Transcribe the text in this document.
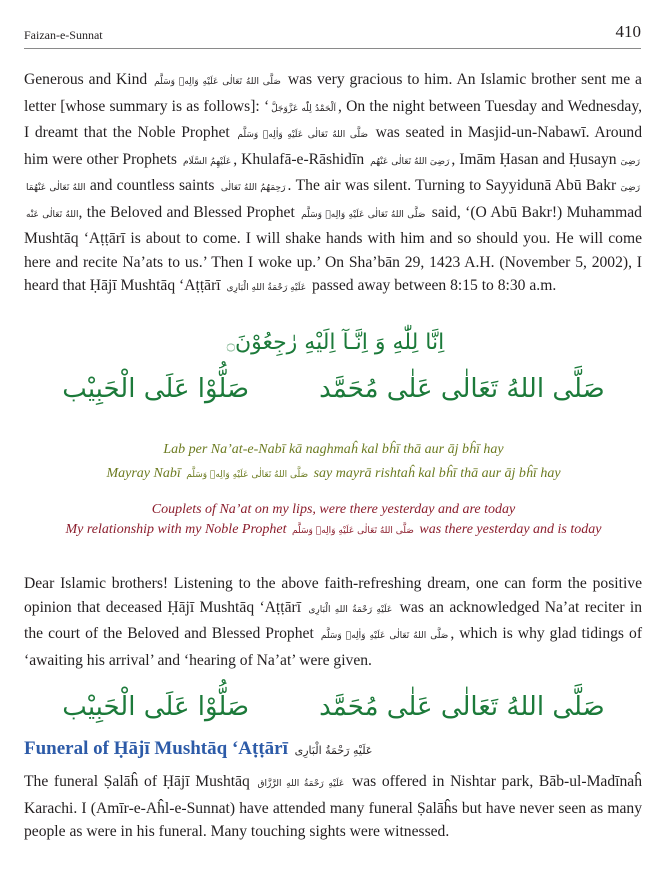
Faizan-e-Sunnat	410
Generous and Kind صَلَّى اللهُ تَعَالٰى عَلَيْهِ وَالِهٖ وَسَلَّم was very gracious to him. An Islamic brother sent me a letter [whose summary is as follows]: ‘ اَلْحَمْدُ لِلّٰه عَزَّوَجَلَّ , On the night between Tuesday and Wednesday, I dreamt that the Noble Prophet صَلَّى اللهُ تَعَالٰى عَلَيْهِ وَاٰلِهٖ وَسَلَّم was seated in Masjid-un-Nabawī. Around him were other Prophets عَلَيْهِمُ السَّلَام , Khulafā-e-Rāshidīn رَضِیَ اللهُ تَعَالٰی عَنْهُم , Imām Ḥasan and Ḥusayn رَضِیَ اللهُ تَعَالٰی عَنْهُمَا and countless saints رَحِمَهُمُ اللهُ تَعَالٰی . The air was silent. Turning to Sayyidunā Abū Bakr رَضِیَ اللهُ تَعَالٰی عَنْه, the Beloved and Blessed Prophet صَلَّى اللهُ تَعَالٰى عَلَيْهِ وَالِهٖ وَسَلَّم said, ‘(O Abū Bakr!) Muhammad Mushtāq ‘Aṭṭārī is about to come. I will shake hands with him and so should you. He will come here and recite Na’ats to us.’ Then I woke up.’ On Sha’bān 29, 1423 A.H. (November 5, 2002), I heard that Ḥājī Mushtāq ‘Aṭṭārī عَلَيْهِ رَحْمَةُ اللهِ الْبَارِی passed away between 8:15 to 8:30 a.m.
اِنَّا لِلّٰهِ وَ اِنَّـآ اِلَيْهِ رٰجِعُوْنَ۝
صَلُّوْا عَلَى الْحَبِيْب	صَلَّى اللهُ تَعَالٰى عَلٰى مُحَمَّد
Lab per Na’at-e-Nabī kā naghmaĥ kal bĥī thā aur āj bĥī hay
Mayray Nabī صَلَّى اللهُ تَعَالٰى عَلَيْهِ وَالِهٖ وَسَلَّم say mayrā rishtaĥ kal bĥī thā aur āj bĥī hay
Couplets of Na’at on my lips, were there yesterday and are today
My relationship with my Noble Prophet صَلَّى اللهُ تَعَالٰى عَلَيْهِ وَالِهٖ وَسَلَّم was there yesterday and is today
Dear Islamic brothers! Listening to the above faith-refreshing dream, one can form the positive opinion that deceased Ḥājī Mushtāq ‘Aṭṭārī عَلَيْهِ رَحْمَةُ اللهِ الْبَارِی was an acknowledged Na’at reciter in the court of the Beloved and Blessed Prophet صَلَّى اللهُ تَعَالٰى عَلَيْهِ وَاٰلِهٖ وَسَلَّم , which is why glad tidings of ‘awaiting his arrival’ and ‘hearing of Na’at’ were given.
صَلُّوْا عَلَى الْحَبِيْب	صَلَّى اللهُ تَعَالٰى عَلٰى مُحَمَّد
Funeral of Ḥājī Mushtāq ‘Aṭṭārī عَلَيْهِ رَحْمَةُ الْبَارِی
The funeral Ṣalāĥ of Ḥājī Mushtāq عَلَيْهِ رَحْمَةُ اللهِ الرَّزَّاق was offered in Nishtar park, Bāb-ul-Madīnaĥ Karachi. I (Amīr-e-Aĥl-e-Sunnat) have attended many funeral Ṣalāĥs but have never seen as many people as were in his funeral. Many touching sights were witnessed.
